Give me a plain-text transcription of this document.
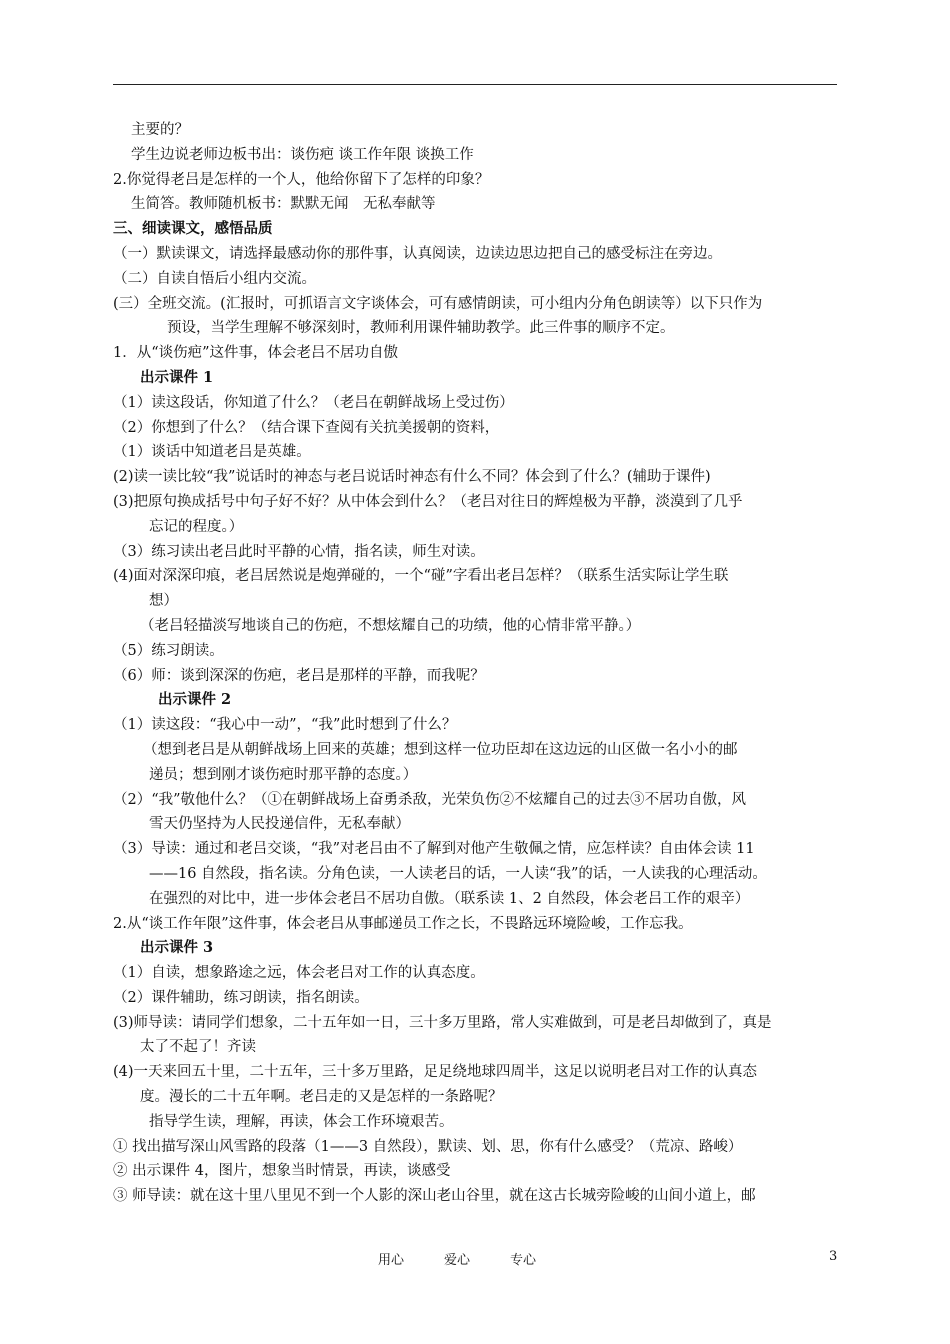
主要的？
学生边说老师边板书出：谈伤疤 谈工作年限 谈换工作
2.你觉得老吕是怎样的一个人，他给你留下了怎样的印象？
生简答。教师随机板书：默默无闻　无私奉献等
三、细读课文，感悟品质
（一）默读课文，请选择最感动你的那件事，认真阅读，边读边思边把自己的感受标注在旁边。
（二）自读自悟后小组内交流。
(三）全班交流。(汇报时，可抓语言文字谈体会，可有感情朗读，可小组内分角色朗读等）以下只作为
预设，当学生理解不够深刻时，教师利用课件辅助教学。此三件事的顺序不定。
1．从“谈伤疤”这件事，体会老吕不居功自傲
出示课件 1
（1）读这段话，你知道了什么？（老吕在朝鲜战场上受过伤）
（2）你想到了什么？（结合课下查阅有关抗美援朝的资料，
（1）谈话中知道老吕是英雄。
(2)读一读比较“我”说话时的神态与老吕说话时神态有什么不同？体会到了什么？(辅助于课件)
(3)把原句换成括号中句子好不好？从中体会到什么？（老吕对往日的辉煌极为平静，淡漠到了几乎
忘记的程度。）
（3）练习读出老吕此时平静的心情，指名读，师生对读。
(4)面对深深印痕，老吕居然说是炮弹碰的，一个“碰”字看出老吕怎样？（联系生活实际让学生联
想）
（老吕轻描淡写地谈自己的伤疤，不想炫耀自己的功绩，他的心情非常平静。）
（5）练习朗读。
（6）师：谈到深深的伤疤，老吕是那样的平静，而我呢？
出示课件 2
（1）读这段：“我心中一动”，“我”此时想到了什么？
（想到老吕是从朝鲜战场上回来的英雄；想到这样一位功臣却在这边远的山区做一名小小的邮
递员；想到刚才谈伤疤时那平静的态度。）
（2）“我”敬他什么？（①在朝鲜战场上奋勇杀敌，光荣负伤②不炫耀自己的过去③不居功自傲，风
雪天仍坚持为人民投递信件，无私奉献）
（3）导读：通过和老吕交谈，“我”对老吕由不了解到对他产生敬佩之情，应怎样读？自由体会读 11
——16 自然段，指名读。分角色读，一人读老吕的话，一人读“我”的话，一人读我的心理活动。
在强烈的对比中，进一步体会老吕不居功自傲。（联系读 1、2 自然段，体会老吕工作的艰辛）
2.从“谈工作年限”这件事，体会老吕从事邮递员工作之长，不畏路远环境险峻，工作忘我。
出示课件 3
（1）自读，想象路途之远，体会老吕对工作的认真态度。
（2）课件辅助，练习朗读，指名朗读。
(3)师导读：请同学们想象，二十五年如一日，三十多万里路，常人实难做到，可是老吕却做到了，真是
太了不起了！齐读
(4)一天来回五十里，二十五年，三十多万里路，足足绕地球四周半，这足以说明老吕对工作的认真态
度。漫长的二十五年啊。老吕走的又是怎样的一条路呢？
指导学生读，理解，再读，体会工作环境艰苦。
① 找出描写深山风雪路的段落（1——3 自然段），默读、划、思，你有什么感受？（荒凉、路峻）
② 出示课件 4，图片，想象当时情景，再读，谈感受
③ 师导读：就在这十里八里见不到一个人影的深山老山谷里，就在这古长城旁险峻的山间小道上，邮
用心	爱心	专心	3
